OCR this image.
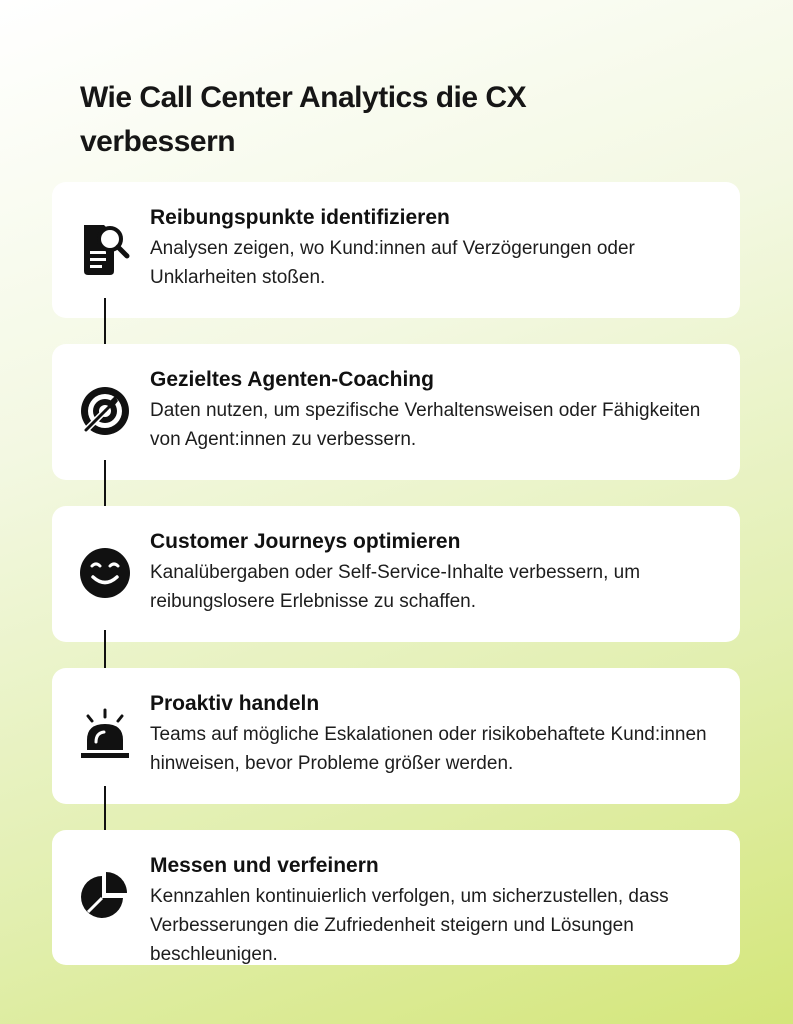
Wie Call Center Analytics die CX verbessern
Reibungspunkte identifizieren
Analysen zeigen, wo Kund:innen auf Verzögerungen oder Unklarheiten stoßen.
Gezieltes Agenten-Coaching
Daten nutzen, um spezifische Verhaltensweisen oder Fähigkeiten von Agent:innen zu verbessern.
Customer Journeys optimieren
Kanalübergaben oder Self-Service-Inhalte verbessern, um reibungslosere Erlebnisse zu schaffen.
Proaktiv handeln
Teams auf mögliche Eskalationen oder risikobehaftete Kund:innen hinweisen, bevor Probleme größer werden.
Messen und verfeinern
Kennzahlen kontinuierlich verfolgen, um sicherzustellen, dass Verbesserungen die Zufriedenheit steigern und Lösungen beschleunigen.
